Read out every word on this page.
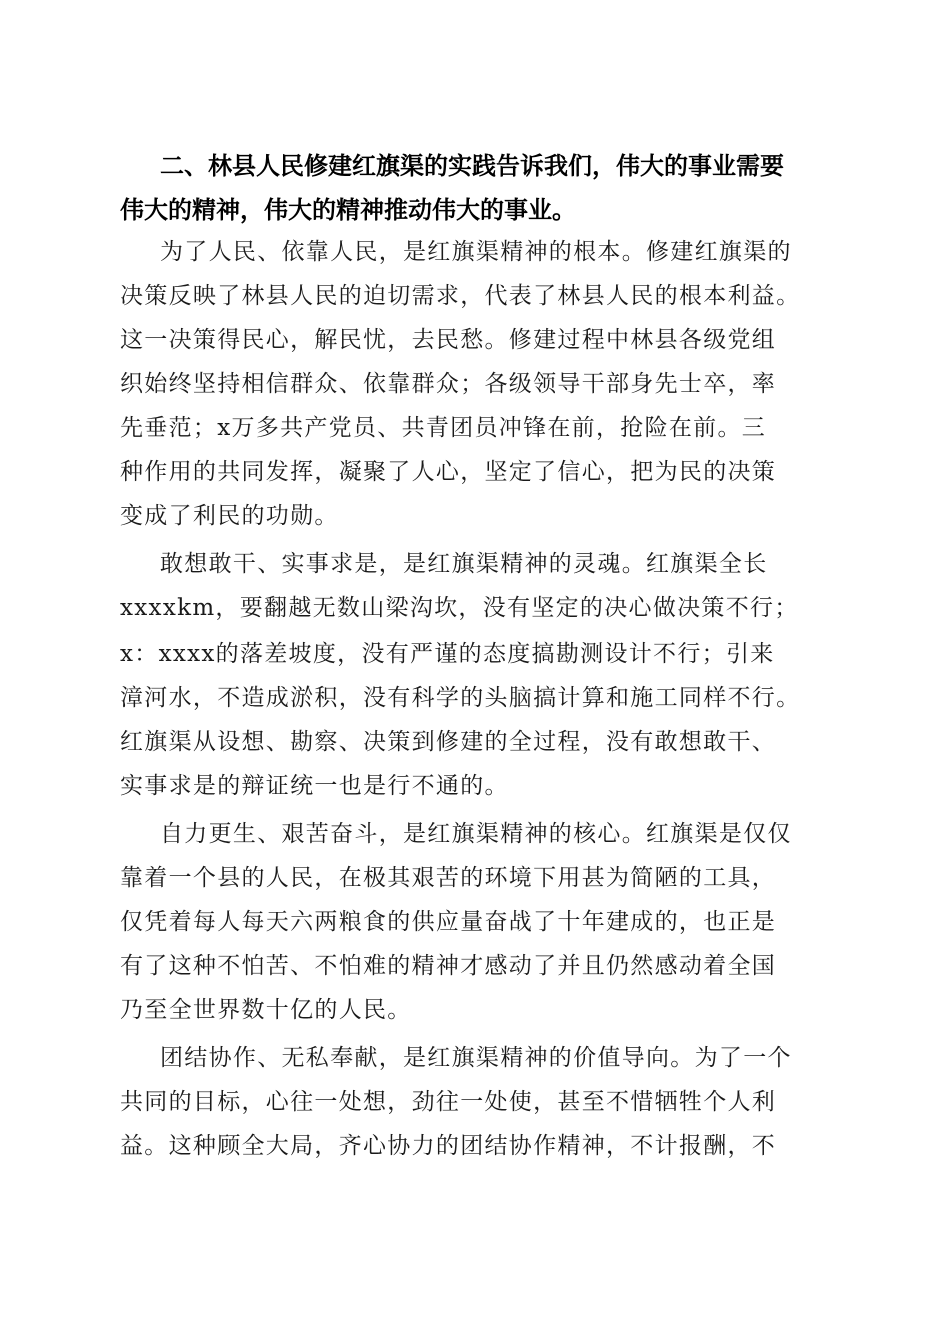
二、林县人民修建红旗渠的实践告诉我们，伟大的事业需要
伟大的精神，伟大的精神推动伟大的事业。
为了人民、依靠人民，是红旗渠精神的根本。修建红旗渠的
决策反映了林县人民的迫切需求，代表了林县人民的根本利益。
这一决策得民心，解民忧，去民愁。修建过程中林县各级党组
织始终坚持相信群众、依靠群众；各级领导干部身先士卒，率
先垂范；x万多共产党员、共青团员冲锋在前，抢险在前。三
种作用的共同发挥，凝聚了人心，坚定了信心，把为民的决策
变成了利民的功勋。
敢想敢干、实事求是，是红旗渠精神的灵魂。红旗渠全长
xxxxkm，要翻越无数山梁沟坎，没有坚定的决心做决策不行；
x：xxxx的落差坡度，没有严谨的态度搞勘测设计不行；引来
漳河水，不造成淤积，没有科学的头脑搞计算和施工同样不行。
红旗渠从设想、勘察、决策到修建的全过程，没有敢想敢干、
实事求是的辩证统一也是行不通的。
自力更生、艰苦奋斗，是红旗渠精神的核心。红旗渠是仅仅
靠着一个县的人民，在极其艰苦的环境下用甚为简陋的工具，
仅凭着每人每天六两粮食的供应量奋战了十年建成的，也正是
有了这种不怕苦、不怕难的精神才感动了并且仍然感动着全国
乃至全世界数十亿的人民。
团结协作、无私奉献，是红旗渠精神的价值导向。为了一个
共同的目标，心往一处想，劲往一处使，甚至不惜牺牲个人利
益。这种顾全大局，齐心协力的团结协作精神，不计报酬，不
